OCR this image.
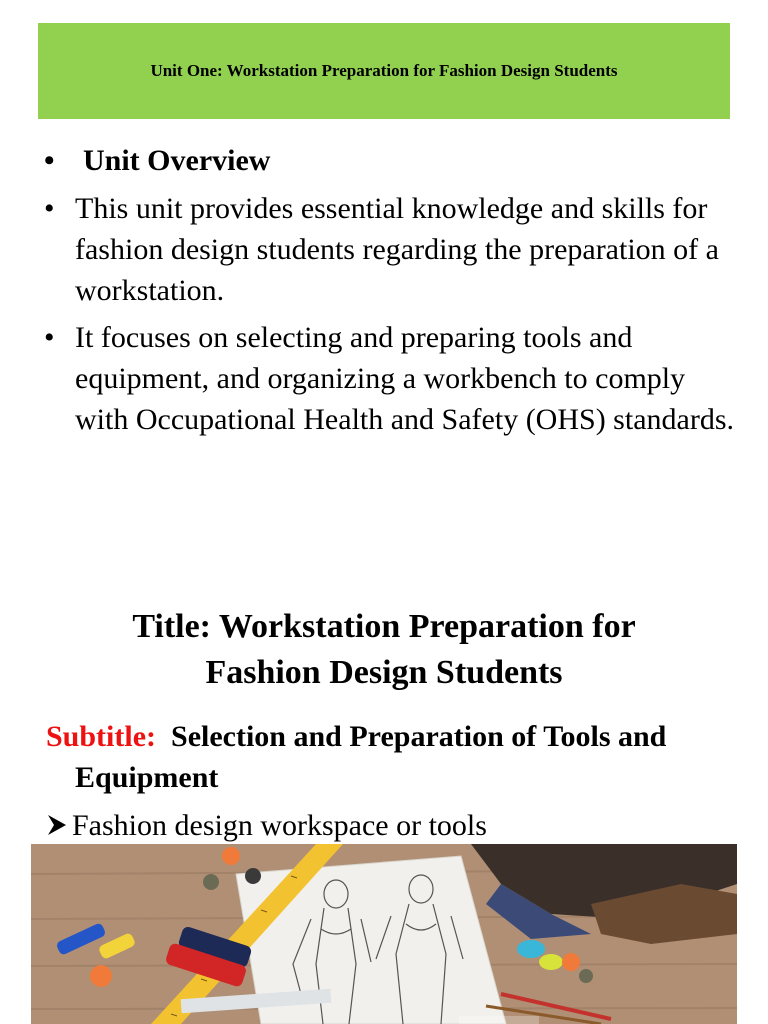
Unit One: Workstation Preparation for Fashion Design Students
• Unit Overview
• This unit provides essential knowledge and skills for fashion design students regarding the preparation of a workstation.
• It focuses on selecting and preparing tools and equipment, and organizing a workbench to comply with Occupational Health and Safety (OHS) standards.
Title: Workstation Preparation for
Fashion Design Students
Subtitle: Selection and Preparation of Tools and Equipment
Fashion design workspace or tools
